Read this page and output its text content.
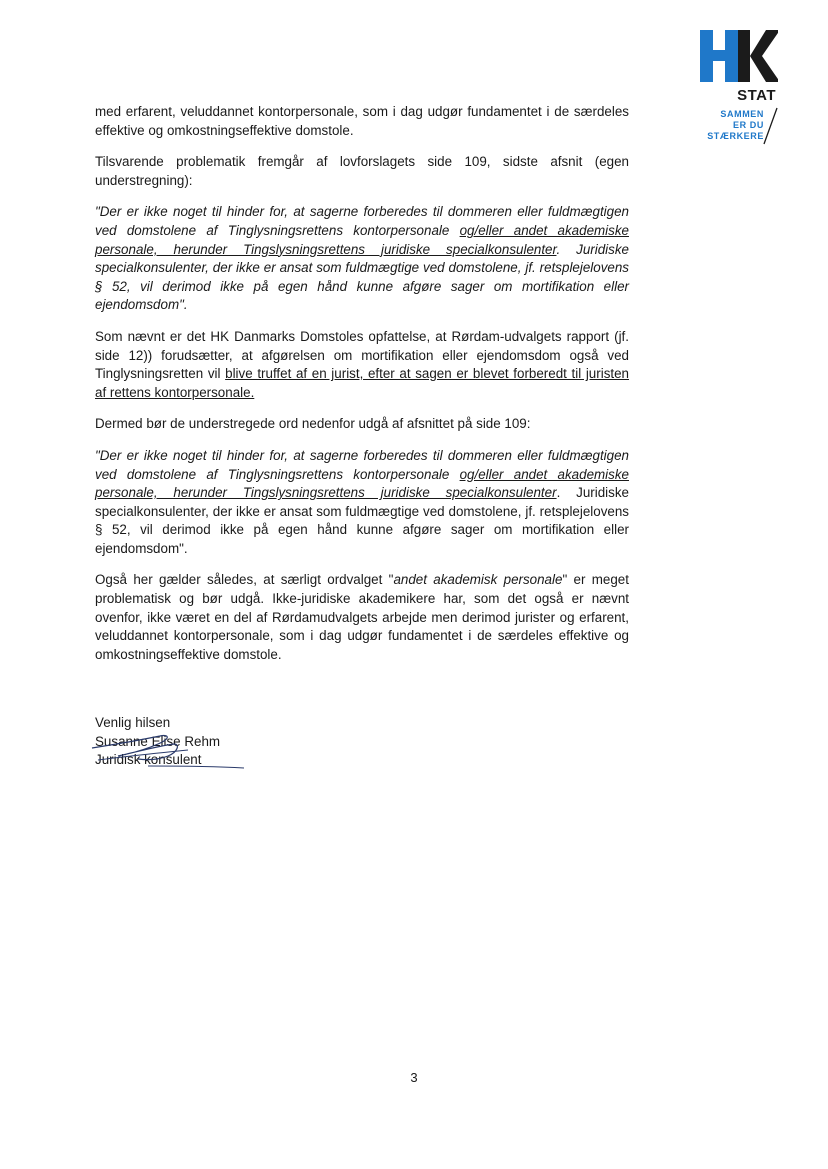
STAT
SAMMEN
ER DU
STÆRKERE

med erfarent, veluddannet kontorpersonale, som i dag udgør fundamentet i de særdeles effektive og omkostningseffektive domstole.

Tilsvarende problematik fremgår af lovforslagets side 109, sidste afsnit (egen understregning):

"Der er ikke noget til hinder for, at sagerne forberedes til dommeren eller fuldmægtigen ved domstolene af Tinglysningsrettens kontorpersonale og/eller andet akademiske personale, herunder Tingslysningsrettens juridiske specialkonsulenter. Juridiske specialkonsulenter, der ikke er ansat som fuldmægtige ved domstolene, jf. retsplejelovens § 52, vil derimod ikke på egen hånd kunne afgøre sager om mortifikation eller ejendomsdom".

Som nævnt er det HK Danmarks Domstoles opfattelse, at Rørdam-udvalgets rapport (jf. side 12)) forudsætter, at afgørelsen om mortifikation eller ejendomsdom også ved Tinglysningsretten vil blive truffet af en jurist, efter at sagen er blevet forberedt til juristen af rettens kontorpersonale.

Dermed bør de understregede ord nedenfor udgå af afsnittet på side 109:

"Der er ikke noget til hinder for, at sagerne forberedes til dommeren eller fuldmægtigen ved domstolene af Tinglysningsrettens kontorpersonale og/eller andet akademiske personale, herunder Tingslysningsrettens juridiske specialkonsulenter. Juridiske specialkonsulenter, der ikke er ansat som fuldmægtige ved domstolene, jf. retsplejelovens § 52, vil derimod ikke på egen hånd kunne afgøre sager om mortifikation eller ejendomsdom".

Også her gælder således, at særligt ordvalget "andet akademisk personale" er meget problematisk og bør udgå. Ikke-juridiske akademikere har, som det også er nævnt ovenfor, ikke været en del af Rørdamudvalgets arbejde men derimod jurister og erfarent, veluddannet kontorpersonale, som i dag udgør fundamentet i de særdeles effektive og omkostningseffektive domstole.

Venlig hilsen
Susanne Elise Rehm
Juridisk konsulent
3
